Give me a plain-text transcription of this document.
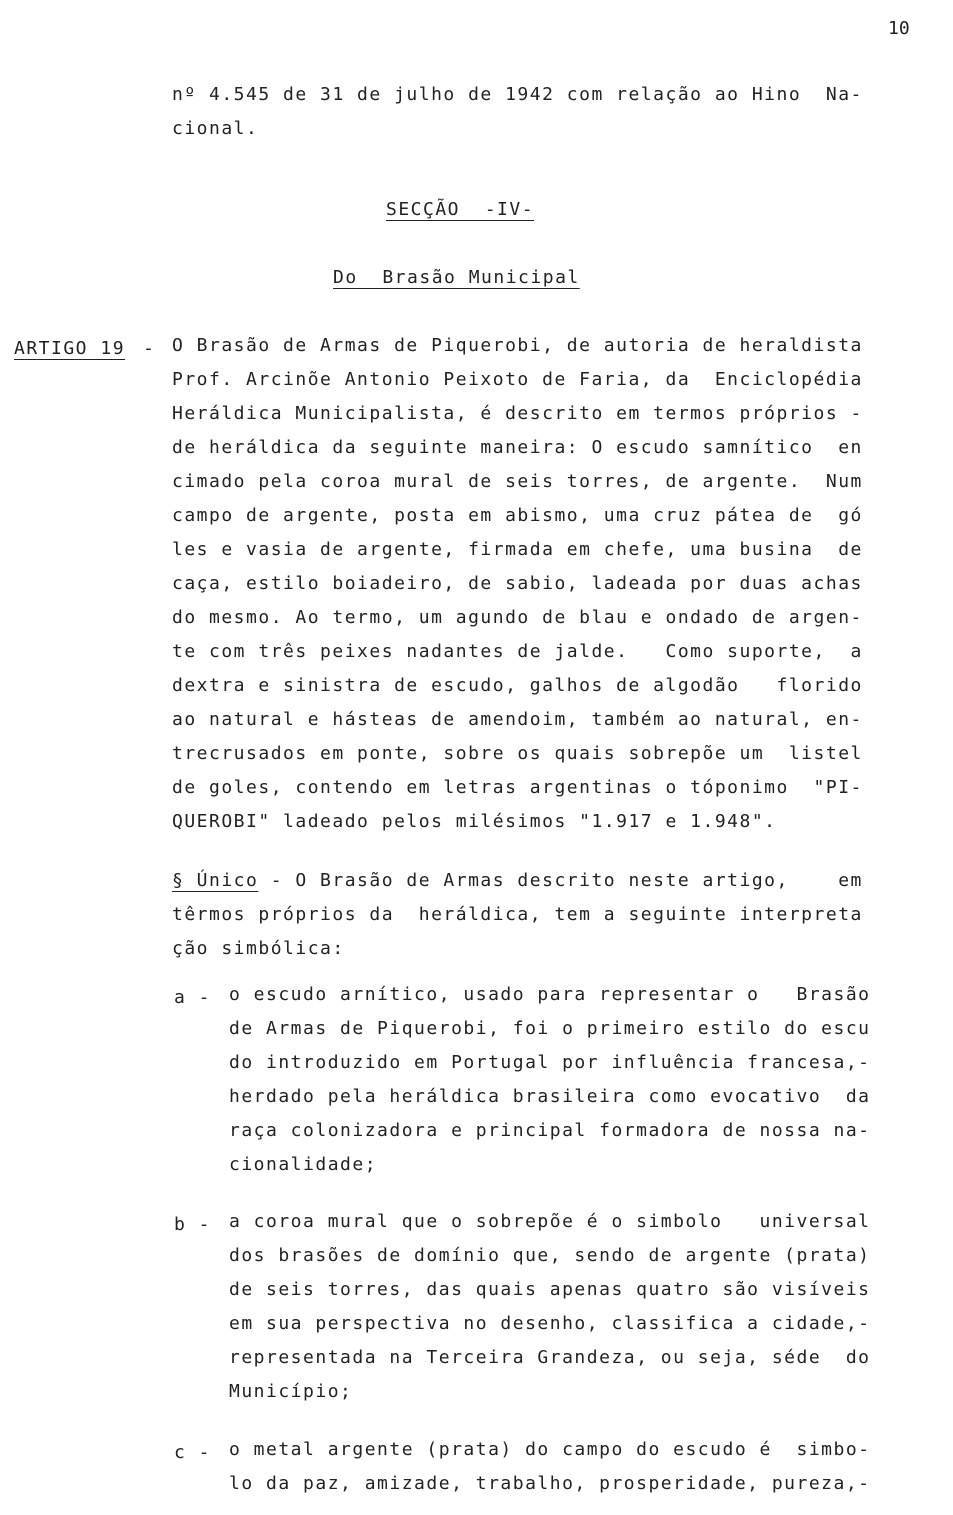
10
nº 4.545 de 31 de julho de 1942 com relação ao Hino  Na-
cional.
SECÇÃO  -IV-
Do  Brasão Municipal
ARTIGO 19 - O Brasão de Armas de Piquerobi, de autoria de heraldista
Prof. Arcinõe Antonio Peixoto de Faria, da  Enciclopédia
Heráldica Municipalista, é descrito em termos próprios -
de heráldica da seguinte maneira: O escudo samnítico  en
cimado pela coroa mural de seis torres, de argente.  Num
campo de argente, posta em abismo, uma cruz pátea de  gó
les e vasia de argente, firmada em chefe, uma busina  de
caça, estilo boiadeiro, de sabio, ladeada por duas achas
do mesmo. Ao termo, um agundo de blau e ondado de argen-
te com três peixes nadantes de jalde.   Como suporte,  a
dextra e sinistra de escudo, galhos de algodão   florido
ao natural e hásteas de amendoim, também ao natural, en-
trecrusados em ponte, sobre os quais sobrepõe um  listel
de goles, contendo em letras argentinas o tóponimo  "PI-
QUEROBI" ladeado pelos milésimos "1.917 e 1.948".
§ Único - O Brasão de Armas descrito neste artigo,    em
têrmos próprios da  heráldica, tem a seguinte interpreta
ção simbólica:
a - o escudo arnítico, usado para representar o   Brasão
de Armas de Piquerobi, foi o primeiro estilo do escu
do introduzido em Portugal por influência francesa,-
herdado pela heráldica brasileira como evocativo  da
raça colonizadora e principal formadora de nossa na-
cionalidade;
b - a coroa mural que o sobrepõe é o simbolo   universal
dos brasões de domínio que, sendo de argente (prata)
de seis torres, das quais apenas quatro são visíveis
em sua perspectiva no desenho, classifica a cidade,-
representada na Terceira Grandeza, ou seja, séde  do
Município;
c - o metal argente (prata) do campo do escudo é  simbo-
lo da paz, amizade, trabalho, prosperidade, pureza,-
